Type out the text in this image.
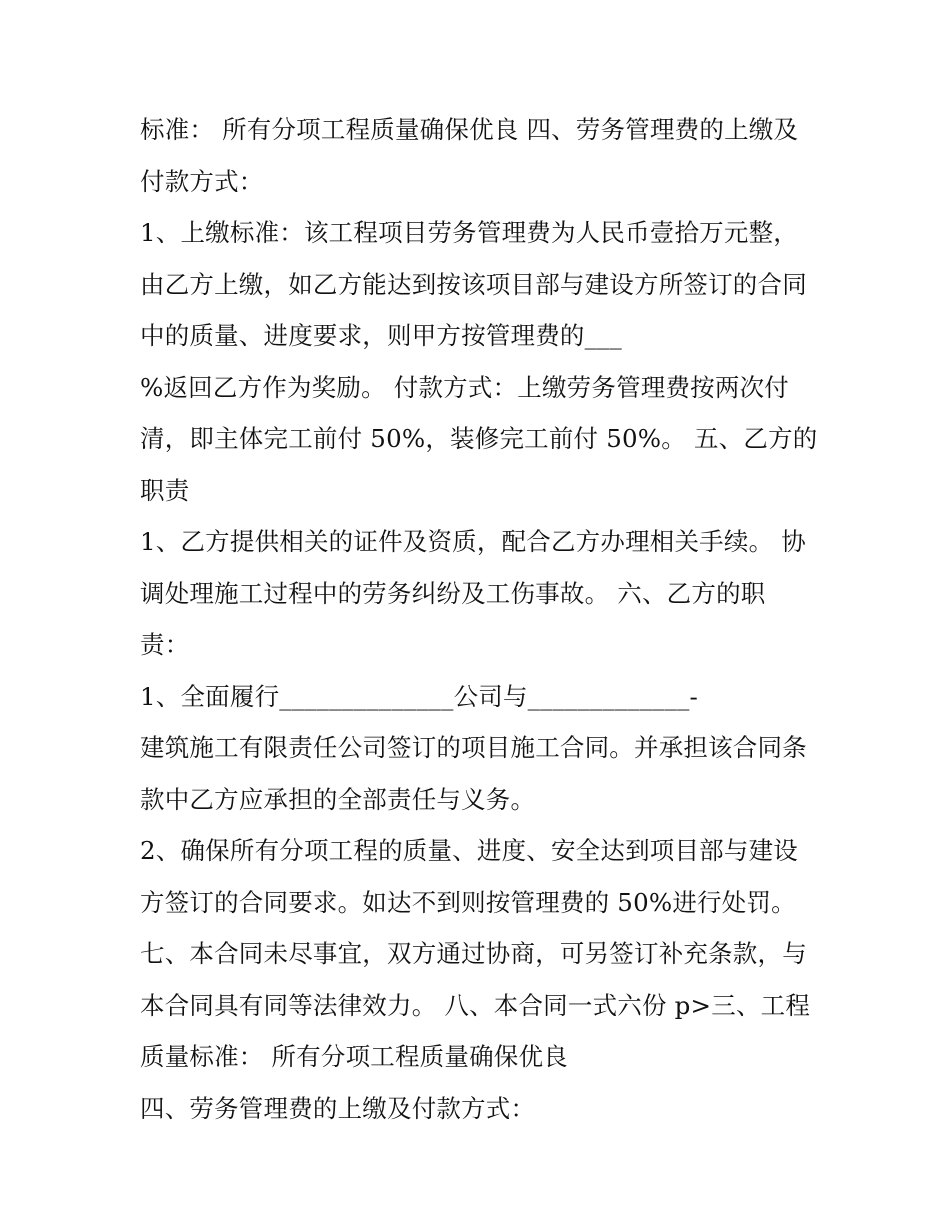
标准： 所有分项工程质量确保优良 四、劳务管理费的上缴及
付款方式：
1、上缴标准：该工程项目劳务管理费为人民币壹拾万元整，
由乙方上缴，如乙方能达到按该项目部与建设方所签订的合同
中的质量、进度要求，则甲方按管理费的___
%返回乙方作为奖励。 付款方式：上缴劳务管理费按两次付
清，即主体完工前付 50%，装修完工前付 50%。 五、乙方的
职责
1、乙方提供相关的证件及资质，配合乙方办理相关手续。 协
调处理施工过程中的劳务纠纷及工伤事故。 六、乙方的职
责：
1、全面履行______________公司与_____________-
建筑施工有限责任公司签订的项目施工合同。并承担该合同条
款中乙方应承担的全部责任与义务。
2、确保所有分项工程的质量、进度、安全达到项目部与建设
方签订的合同要求。如达不到则按管理费的 50%进行处罚。
七、本合同未尽事宜，双方通过协商，可另签订补充条款，与
本合同具有同等法律效力。 八、本合同一式六份 p>三、工程
质量标准： 所有分项工程质量确保优良
四、劳务管理费的上缴及付款方式：
